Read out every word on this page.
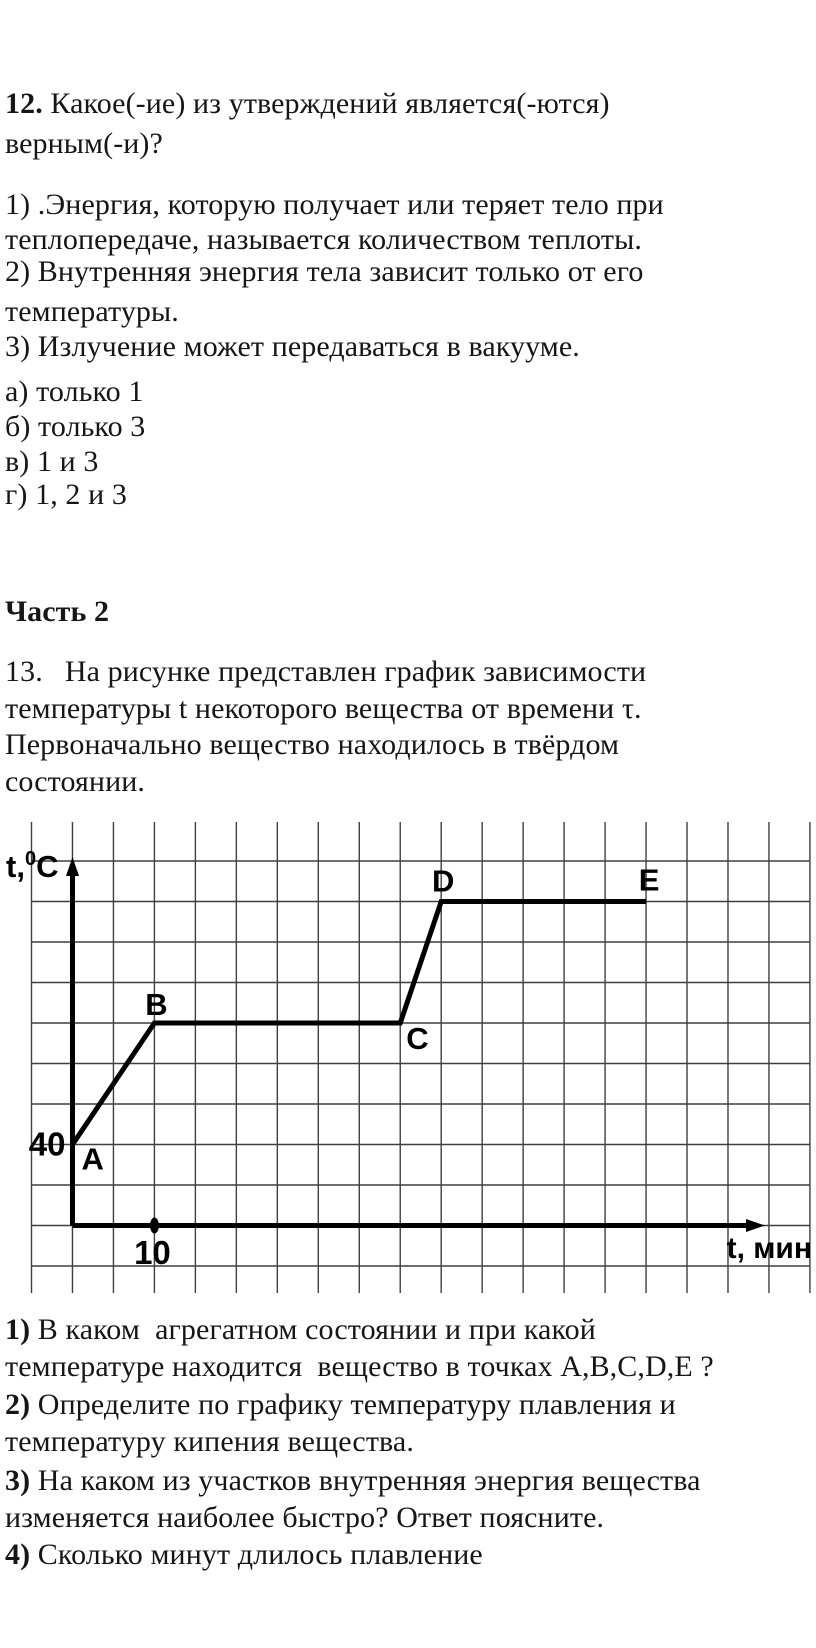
12. Какое(-ие) из утверждений является(-ются)
верным(-и)?
1) .Энергия, которую получает или теряет тело при
теплопередаче, называется количеством теплоты.
2) Внутренняя энергия тела зависит только от его
температуры.
3) Излучение может передаваться в вакууме.
а) только 1
б) только 3
в) 1 и 3
г) 1, 2 и 3
Часть 2
13. На рисунке представлен график зависимости
температуры t некоторого вещества от времени τ.
Первоначально вещество находилось в твёрдом
состоянии.
A
B
C
D	E
40
10	t, мин
t,$^0$C
1) В каком  агрегатном состоянии и при какой
температуре находится  вещество в точках A,B,C,D,E ?
2) Определите по графику температуру плавления и
температуру кипения вещества.
3) На каком из участков внутренняя энергия вещества
изменяется наиболее быстро? Ответ поясните.
4) Сколько минут длилось плавление
